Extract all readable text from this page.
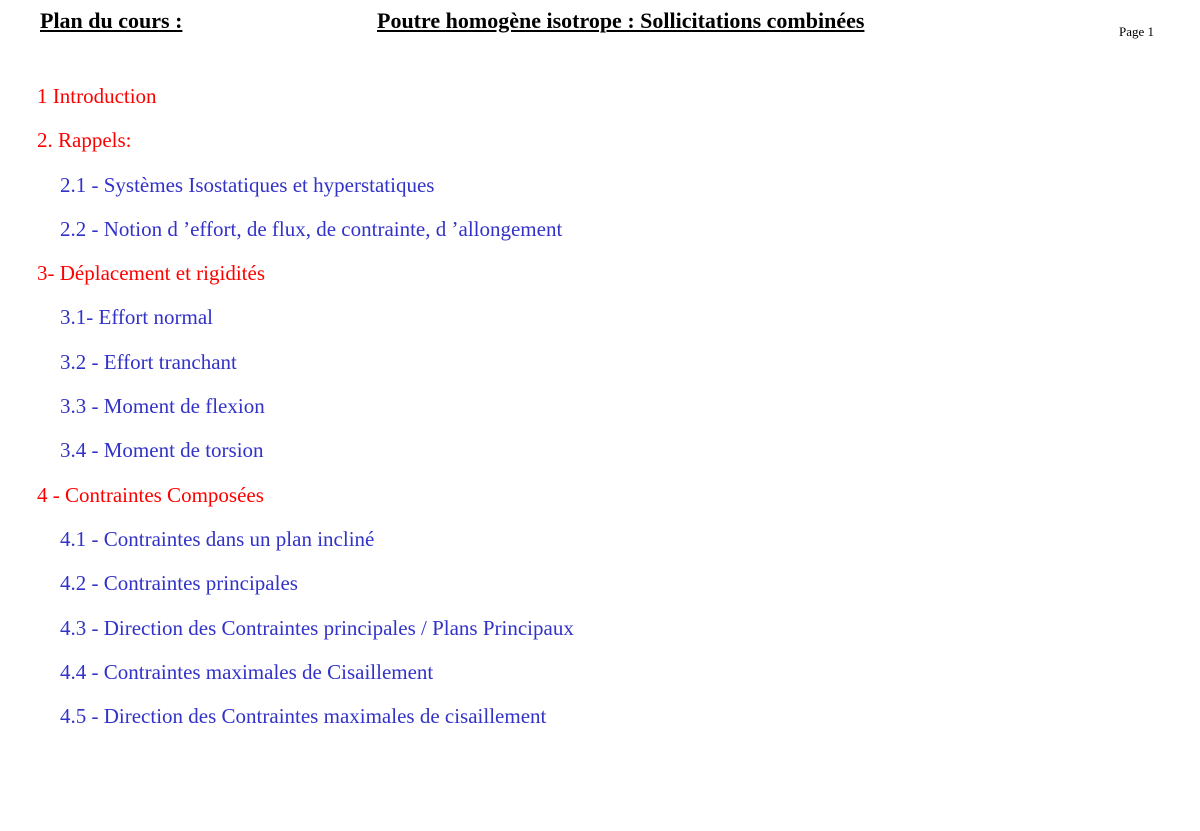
Plan du cours :	Poutre homogène isotrope : Sollicitations combinées	Page 1
1 Introduction
2. Rappels:
2.1 - Systèmes Isostatiques et hyperstatiques
2.2 - Notion d ’effort, de flux, de contrainte, d ’allongement
3- Déplacement et rigidités
3.1- Effort normal
3.2 - Effort tranchant
3.3 - Moment de flexion
3.4 - Moment de torsion
4 - Contraintes Composées
4.1 - Contraintes dans un plan incliné
4.2 - Contraintes principales
4.3 - Direction des Contraintes principales / Plans Principaux
4.4 - Contraintes maximales de Cisaillement
4.5 - Direction des Contraintes maximales de cisaillement
